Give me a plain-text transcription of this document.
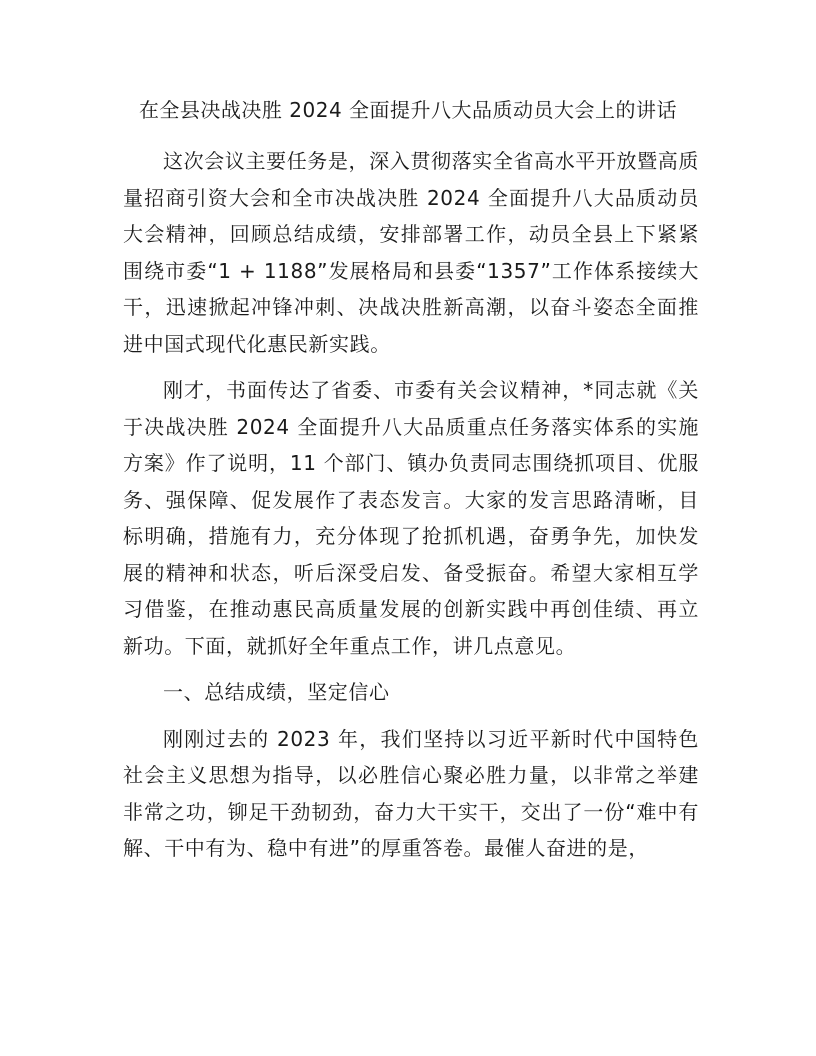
在全县决战决胜 2024 全面提升八大品质动员大会上的讲话

这次会议主要任务是，深入贯彻落实全省高水平开放暨高质量招商引资大会和全市决战决胜 2024 全面提升八大品质动员大会精神，回顾总结成绩，安排部署工作，动员全县上下紧紧围绕市委“1 + 1188”发展格局和县委“1357”工作体系接续大干，迅速掀起冲锋冲刺、决战决胜新高潮，以奋斗姿态全面推进中国式现代化惠民新实践。

刚才，书面传达了省委、市委有关会议精神，*同志就《关于决战决胜 2024 全面提升八大品质重点任务落实体系的实施方案》作了说明，11 个部门、镇办负责同志围绕抓项目、优服务、强保障、促发展作了表态发言。大家的发言思路清晰，目标明确，措施有力，充分体现了抢抓机遇，奋勇争先，加快发展的精神和状态，听后深受启发、备受振奋。希望大家相互学习借鉴，在推动惠民高质量发展的创新实践中再创佳绩、再立新功。下面，就抓好全年重点工作，讲几点意见。

一、总结成绩，坚定信心

刚刚过去的 2023 年，我们坚持以习近平新时代中国特色社会主义思想为指导，以必胜信心聚必胜力量，以非常之举建非常之功，铆足干劲韧劲，奋力大干实干，交出了一份“难中有解、干中有为、稳中有进”的厚重答卷。最催人奋进的是，
